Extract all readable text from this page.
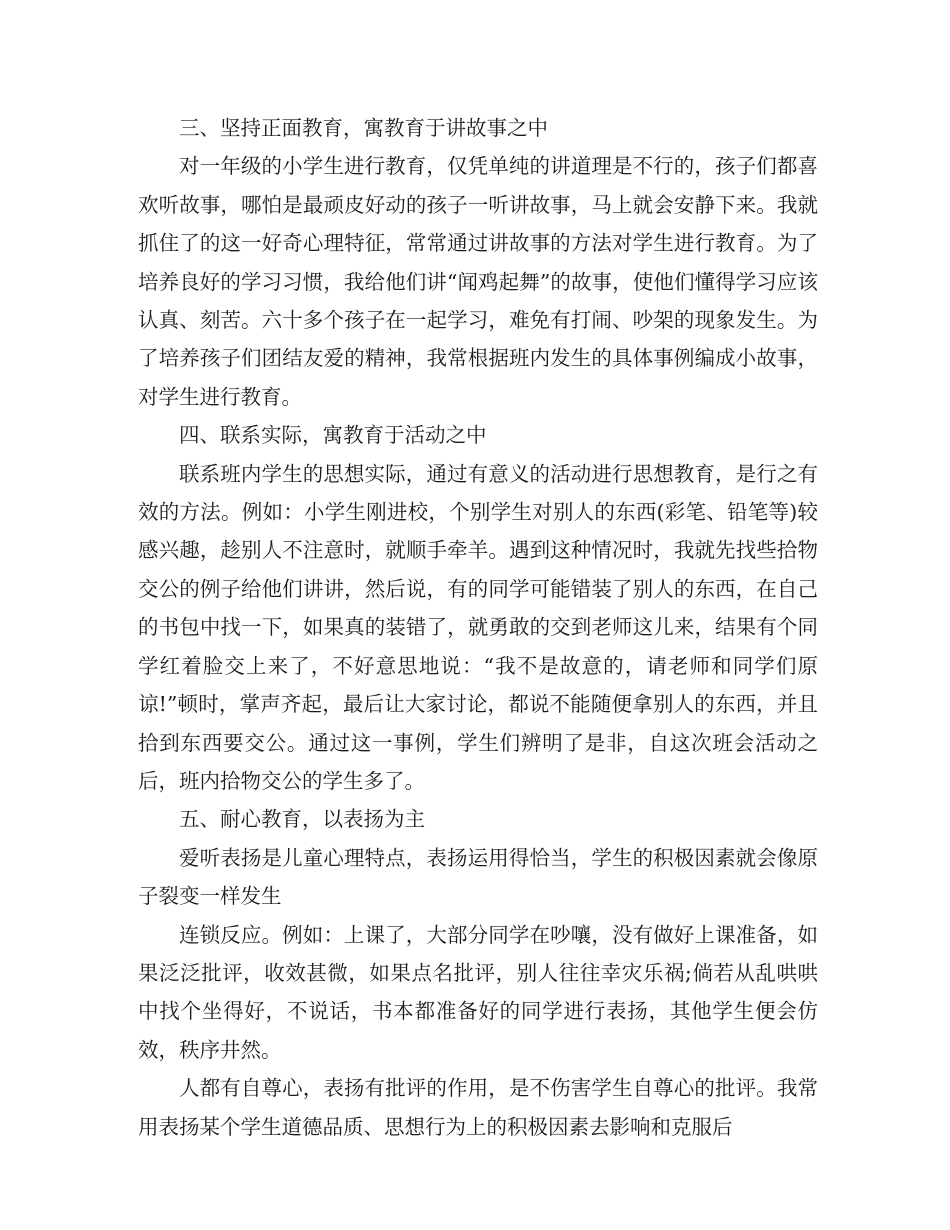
三、坚持正面教育，寓教育于讲故事之中

对一年级的小学生进行教育，仅凭单纯的讲道理是不行的，孩子们都喜欢听故事，哪怕是最顽皮好动的孩子一听讲故事，马上就会安静下来。我就抓住了的这一好奇心理特征，常常通过讲故事的方法对学生进行教育。为了培养良好的学习习惯，我给他们讲“闻鸡起舞”的故事，使他们懂得学习应该认真、刻苦。六十多个孩子在一起学习，难免有打闹、吵架的现象发生。为了培养孩子们团结友爱的精神，我常根据班内发生的具体事例编成小故事，对学生进行教育。

四、联系实际，寓教育于活动之中

联系班内学生的思想实际，通过有意义的活动进行思想教育，是行之有效的方法。例如：小学生刚进校，个别学生对别人的东西(彩笔、铅笔等)较感兴趣，趁别人不注意时，就顺手牵羊。遇到这种情况时，我就先找些拾物交公的例子给他们讲讲，然后说，有的同学可能错装了别人的东西，在自己的书包中找一下，如果真的装错了，就勇敢的交到老师这儿来，结果有个同学红着脸交上来了，不好意思地说：“我不是故意的，请老师和同学们原谅!”顿时，掌声齐起，最后让大家讨论，都说不能随便拿别人的东西，并且拾到东西要交公。通过这一事例，学生们辨明了是非，自这次班会活动之后，班内拾物交公的学生多了。

五、耐心教育，以表扬为主

爱听表扬是儿童心理特点，表扬运用得恰当，学生的积极因素就会像原子裂变一样发生

连锁反应。例如：上课了，大部分同学在吵嚷，没有做好上课准备，如果泛泛批评，收效甚微，如果点名批评，别人往往幸灾乐祸;倘若从乱哄哄中找个坐得好，不说话，书本都准备好的同学进行表扬，其他学生便会仿效，秩序井然。

人都有自尊心，表扬有批评的作用，是不伤害学生自尊心的批评。我常用表扬某个学生道德品质、思想行为上的积极因素去影响和克服后
